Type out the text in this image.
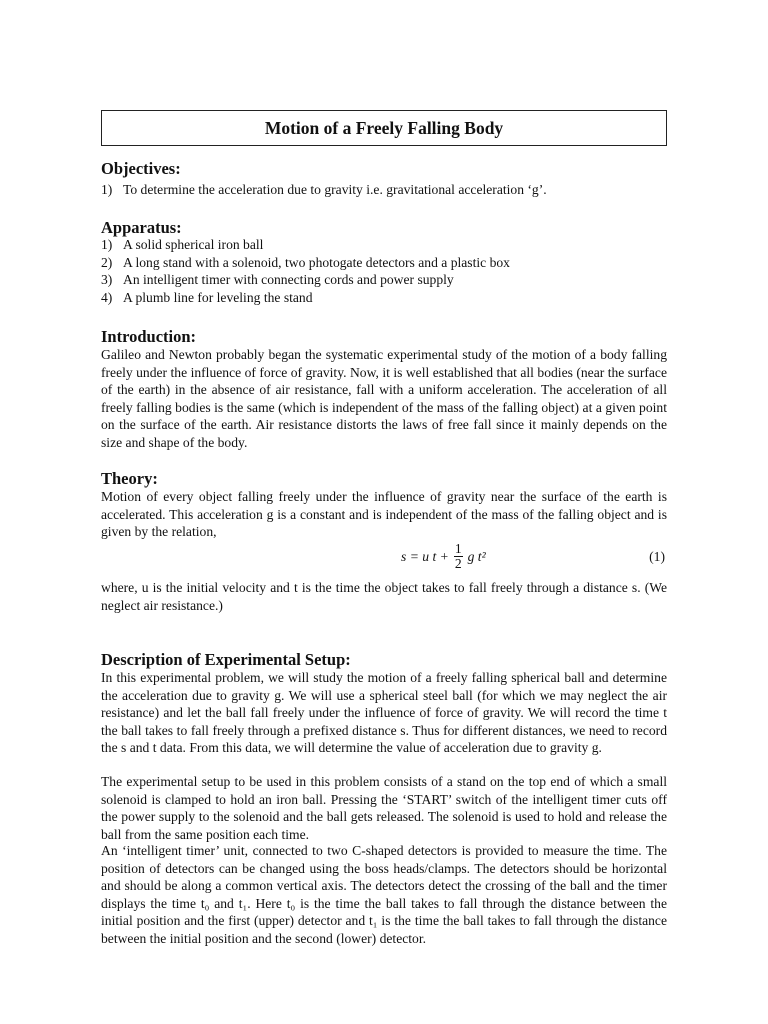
Motion of a Freely Falling Body
Objectives:
1) To determine the acceleration due to gravity i.e. gravitational acceleration ‘g’.
Apparatus:
1) A solid spherical iron ball
2) A long stand with a solenoid, two photogate detectors and a plastic box
3) An intelligent timer with connecting cords and power supply
4) A plumb line for leveling the stand
Introduction:

Galileo and Newton probably began the systematic experimental study of the motion of a body falling freely under the influence of force of gravity. Now, it is well established that all bodies (near the surface of the earth) in the absence of air resistance, fall with a uniform acceleration. The acceleration of all freely falling bodies is the same (which is independent of the mass of the falling object) at a given point on the surface of the earth. Air resistance distorts the laws of free fall since it mainly depends on the size and shape of the body.

Theory:

Motion of every object falling freely under the influence of gravity near the surface of the earth is accelerated. This acceleration g is a constant and is independent of the mass of the falling object and is given by the relation,

s = u $t + \frac{1}{2}$ g t²	(1)

where, u is the initial velocity and t is the time the object takes to fall freely through a distance s. (We neglect air resistance.)

Description of Experimental Setup:

In this experimental problem, we will study the motion of a freely falling spherical ball and determine the acceleration due to gravity g. We will use a spherical steel ball (for which we may neglect the air resistance) and let the ball fall freely under the influence of force of gravity. We will record the time t the ball takes to fall freely through a prefixed distance s. Thus for different distances, we need to record the s and t data. From this data, we will determine the value of acceleration due to gravity g.

The experimental setup to be used in this problem consists of a stand on the top end of which a small solenoid is clamped to hold an iron ball. Pressing the ‘START’ switch of the intelligent timer cuts off the power supply to the solenoid and the ball gets released. The solenoid is used to hold and release the ball from the same position each time.

An ‘intelligent timer’ unit, connected to two C-shaped detectors is provided to measure the time. The position of detectors can be changed using the boss heads/clamps. The detectors should be horizontal and should be along a common vertical axis. The detectors detect the crossing of the ball and the timer displays the time t₀ and t₁. Here t₀ is the time the ball takes to fall through the distance between the initial position and the first (upper) detector and t₁ is the time the ball takes to fall through the distance between the initial position and the second (lower) detector.
